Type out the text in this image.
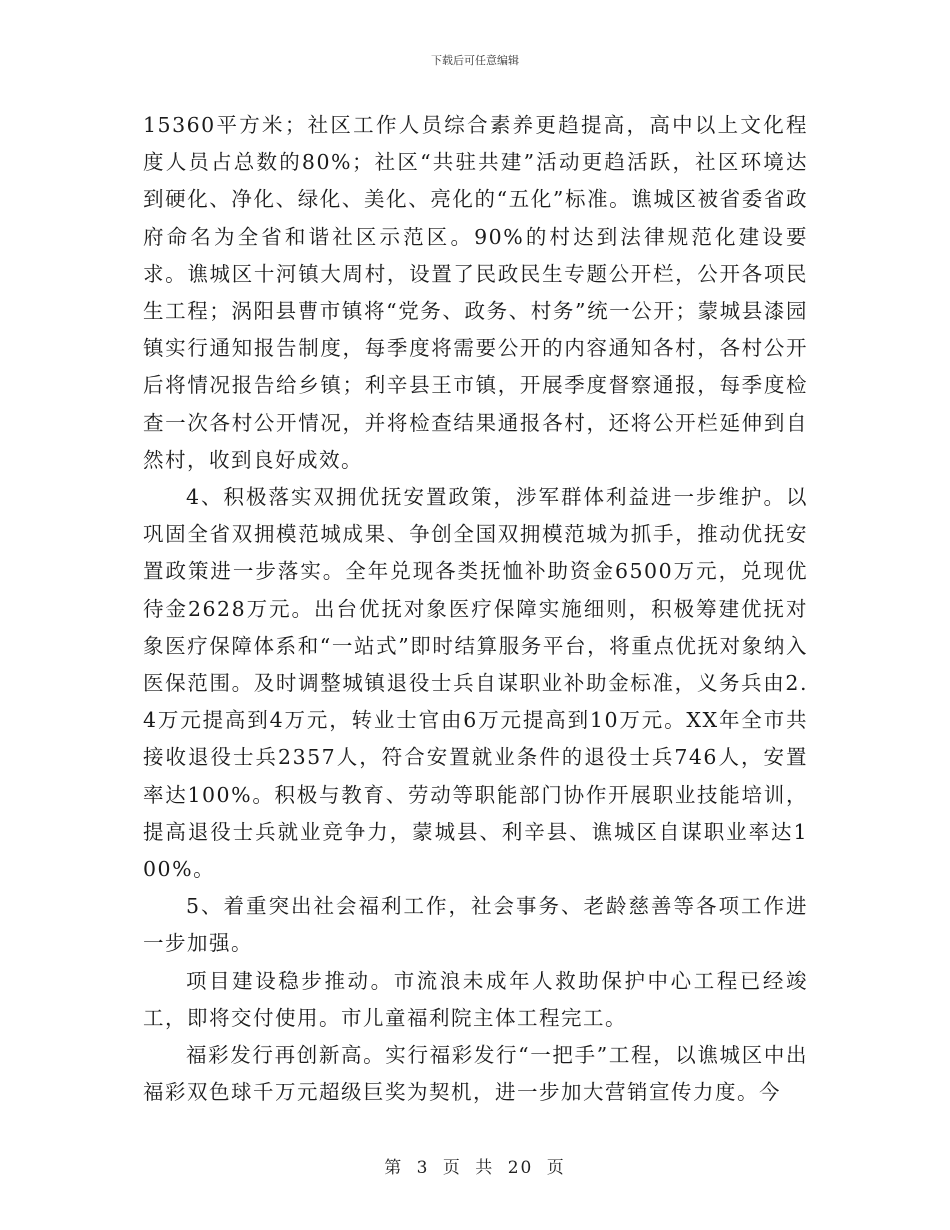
下载后可任意编辑

15360平方米；社区工作人员综合素养更趋提高，高中以上文化程度人员占总数的80%；社区“共驻共建”活动更趋活跃，社区环境达到硬化、净化、绿化、美化、亮化的“五化”标准。谯城区被省委省政府命名为全省和谐社区示范区。90%的村达到法律规范化建设要求。谯城区十河镇大周村，设置了民政民生专题公开栏，公开各项民生工程；涡阳县曹市镇将“党务、政务、村务”统一公开；蒙城县漆园镇实行通知报告制度，每季度将需要公开的内容通知各村，各村公开后将情况报告给乡镇；利辛县王市镇，开展季度督察通报，每季度检查一次各村公开情况，并将检查结果通报各村，还将公开栏延伸到自然村，收到良好成效。

4、积极落实双拥优抚安置政策，涉军群体利益进一步维护。以巩固全省双拥模范城成果、争创全国双拥模范城为抓手，推动优抚安置政策进一步落实。全年兑现各类抚恤补助资金6500万元，兑现优待金2628万元。出台优抚对象医疗保障实施细则，积极筹建优抚对象医疗保障体系和“一站式”即时结算服务平台，将重点优抚对象纳入医保范围。及时调整城镇退役士兵自谋职业补助金标准，义务兵由2.4万元提高到4万元，转业士官由6万元提高到10万元。XX年全市共接收退役士兵2357人，符合安置就业条件的退役士兵746人，安置率达100%。积极与教育、劳动等职能部门协作开展职业技能培训，提高退役士兵就业竞争力，蒙城县、利辛县、谯城区自谋职业率达100%。

5、着重突出社会福利工作，社会事务、老龄慈善等各项工作进一步加强。

项目建设稳步推动。市流浪未成年人救助保护中心工程已经竣工，即将交付使用。市儿童福利院主体工程完工。

福彩发行再创新高。实行福彩发行“一把手”工程，以谯城区中出福彩双色球千万元超级巨奖为契机，进一步加大营销宣传力度。今

第 3 页 共 20 页
